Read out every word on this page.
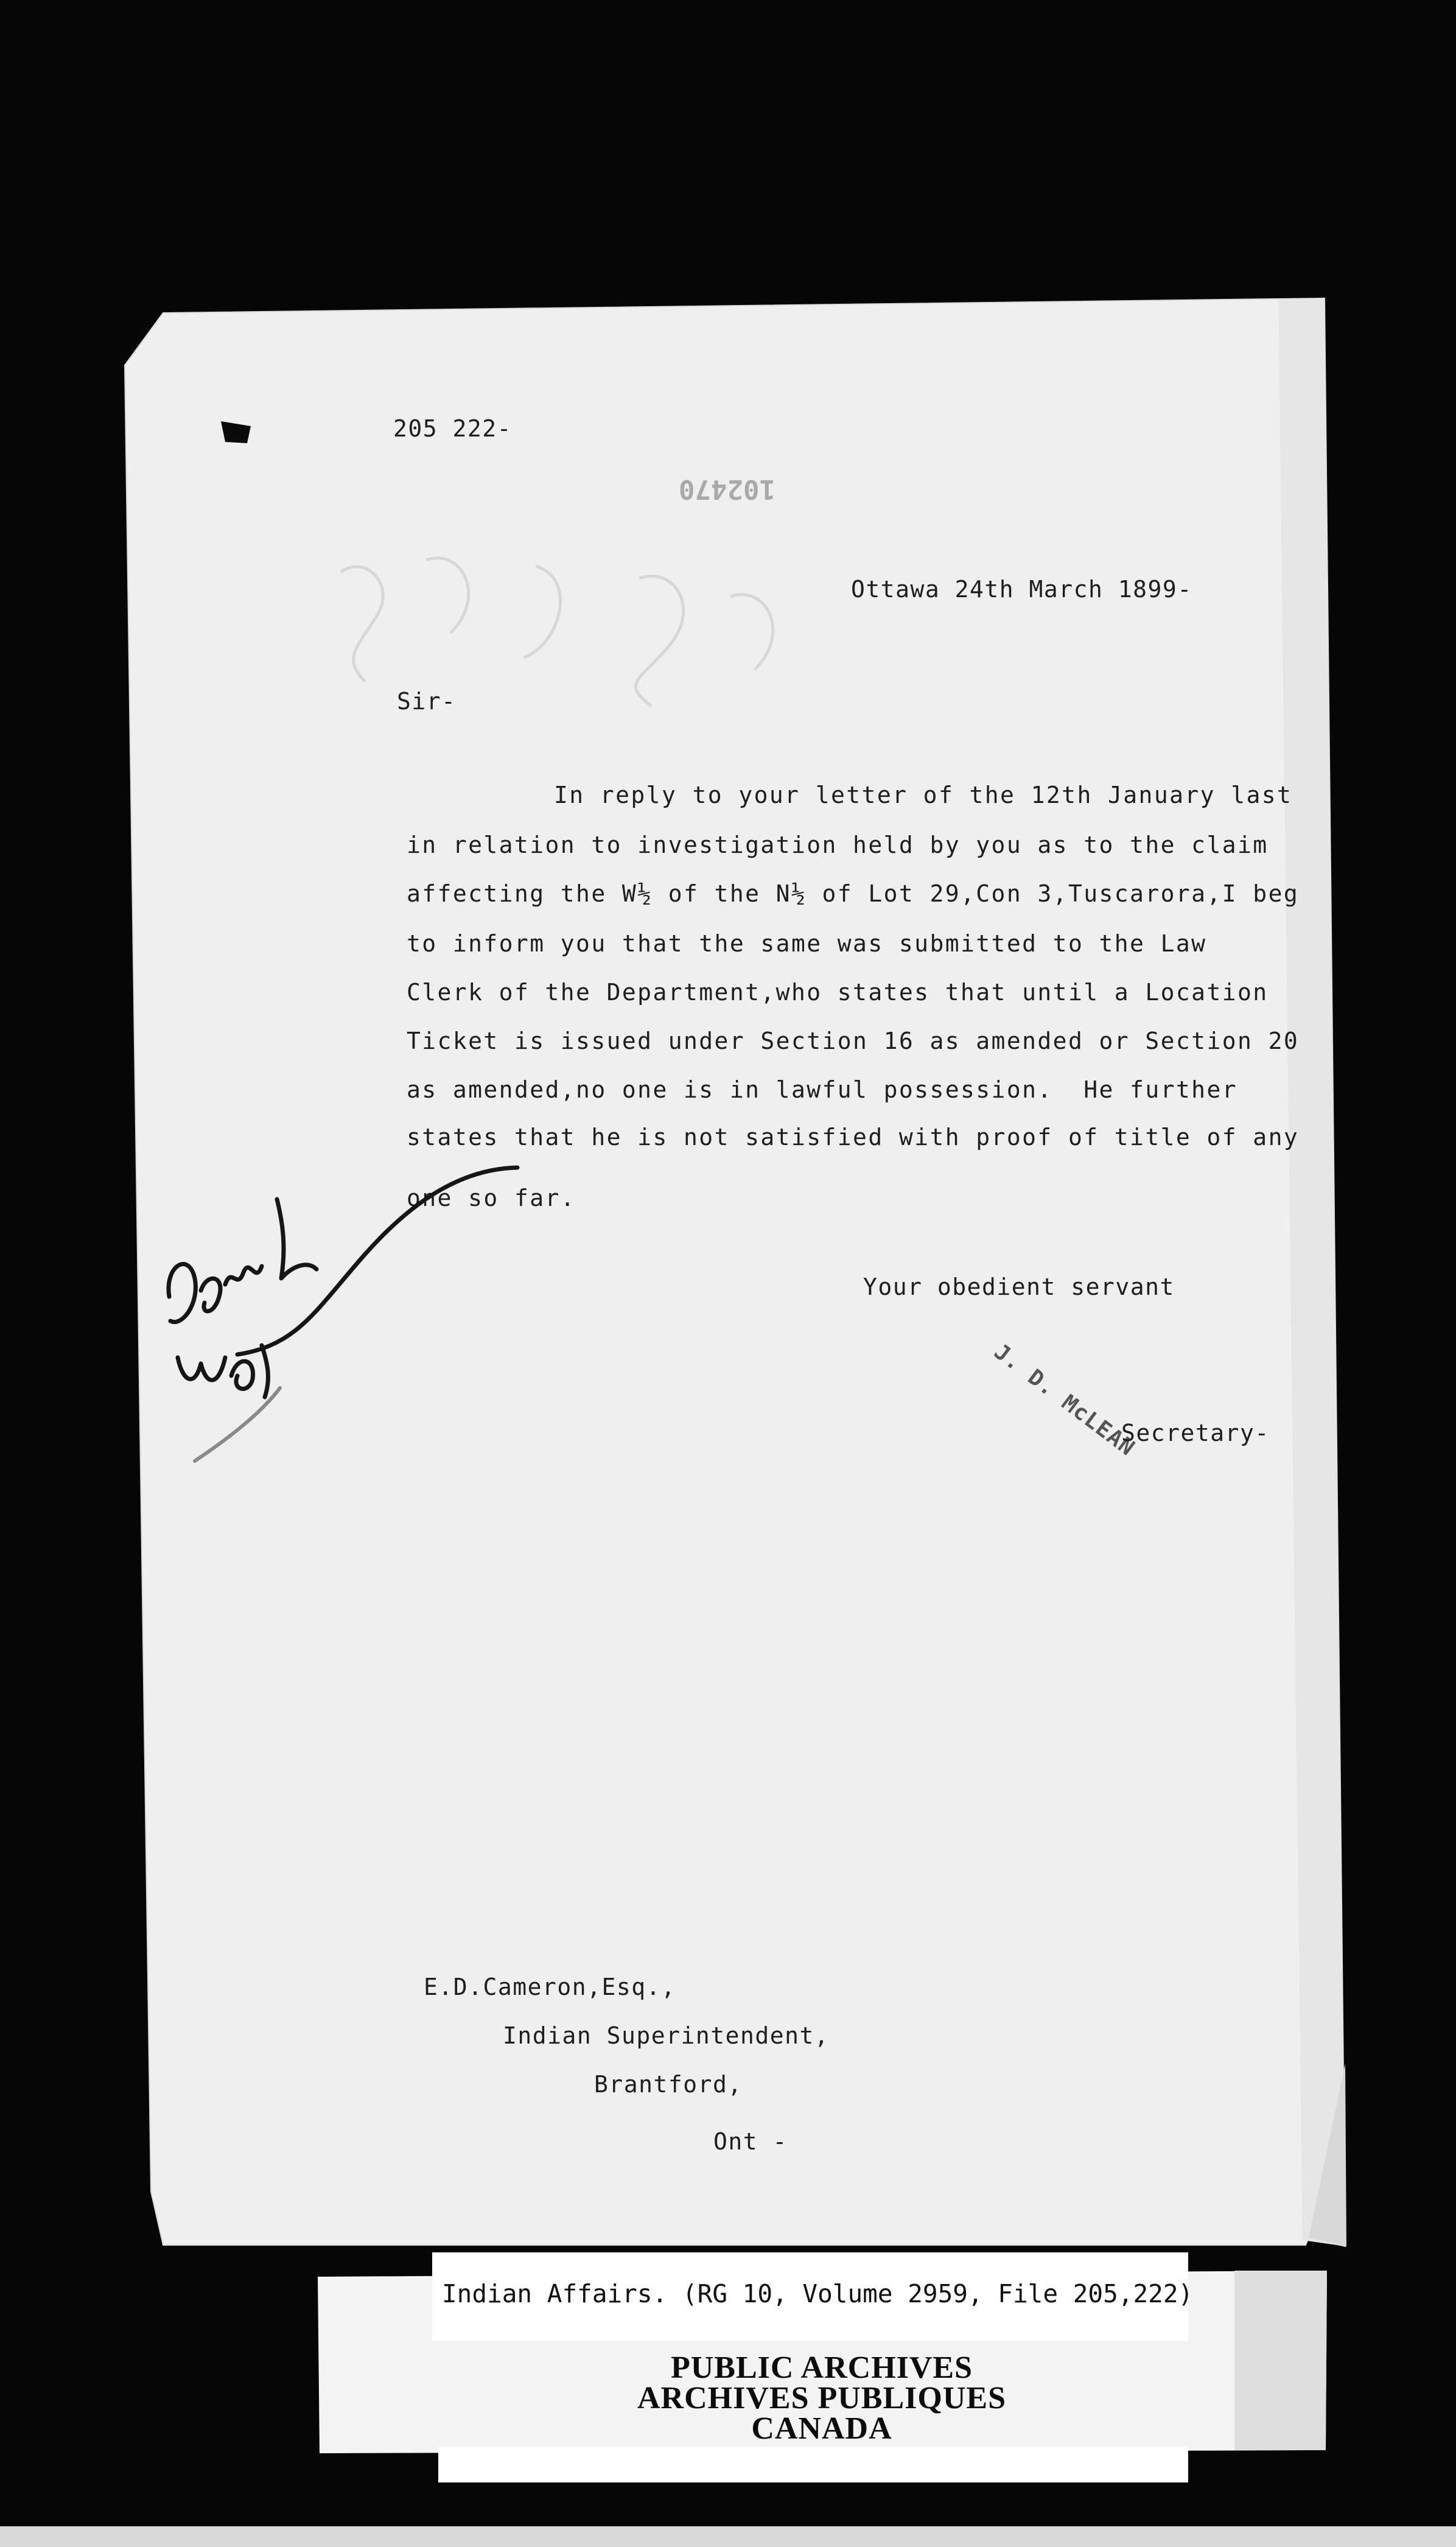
102470
205 222-
Ottawa 24th March 1899-
Sir-
In reply to your letter of the 12th January last
in relation to investigation held by you as to the claim
affecting the W½ of the N½ of Lot 29,Con 3,Tuscarora,I beg
to inform you that the same was submitted to the Law
Clerk of the Department,who states that until a Location
Ticket is issued under Section 16 as amended or Section 20
as amended,no one is in lawful possession.  He further
states that he is not satisfied with proof of title of any
one so far.
Your obedient servant
J. D. McLEAN
Secretary-
E.D.Cameron,Esq.,
Indian Superintendent,
Brantford,
Ont -
Indian Affairs. (RG 10, Volume 2959, File 205,222)
PUBLIC ARCHIVES
ARCHIVES PUBLIQUES
CANADA
